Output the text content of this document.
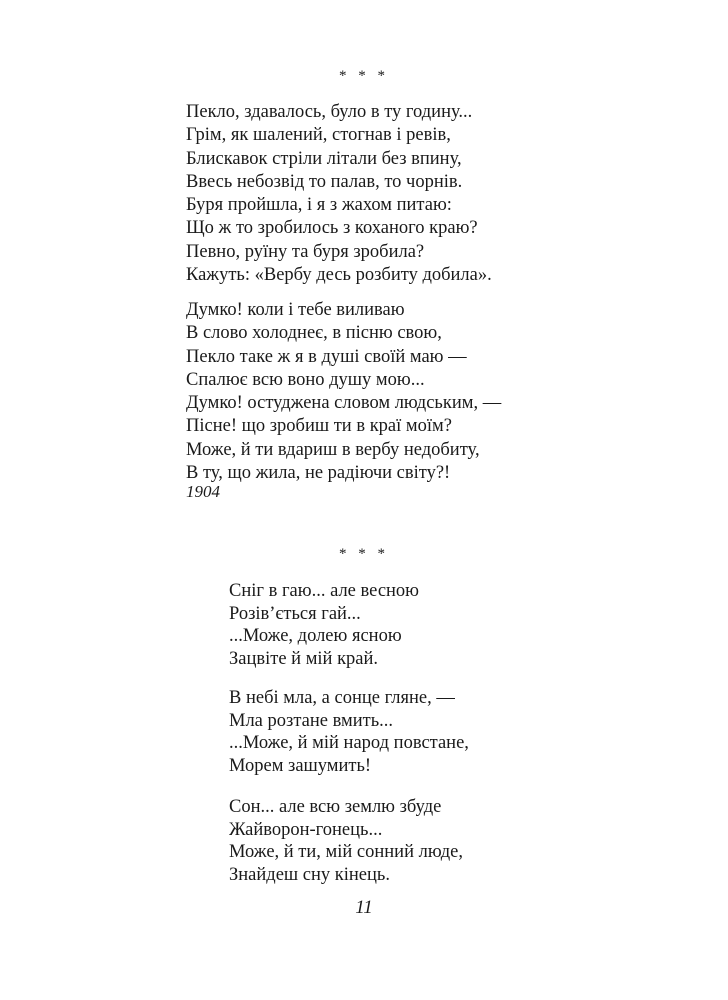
* * *
Пекло, здавалось, було в ту годину...
Грім, як шалений, стогнав і ревів,
Блискавок стріли літали без впину,
Ввесь небозвід то палав, то чорнів.
Буря пройшла, і я з жахом питаю:
Що ж то зробилось з коханого краю?
Певно, руїну та буря зробила?
Кажуть: «Вербу десь розбиту добила».
Думко! коли і тебе виливаю
В слово холоднеє, в пісню свою,
Пекло таке ж я в душі своїй маю —
Спалює всю воно душу мою...
Думко! остуджена словом людським, —
Пісне! що зробиш ти в краї моїм?
Може, й ти вдариш в вербу недобиту,
В ту, що жила, не радіючи світу?!
1904
* * *
Сніг в гаю... але весною
Розів’ється гай...
...Може, долею ясною
Зацвіте й мій край.
В небі мла, а сонце гляне, —
Мла розтане вмить...
...Може, й мій народ повстане,
Морем зашумить!
Сон... але всю землю збуде
Жайворон-гонець...
Може, й ти, мій сонний люде,
Знайдеш сну кінець.
11
